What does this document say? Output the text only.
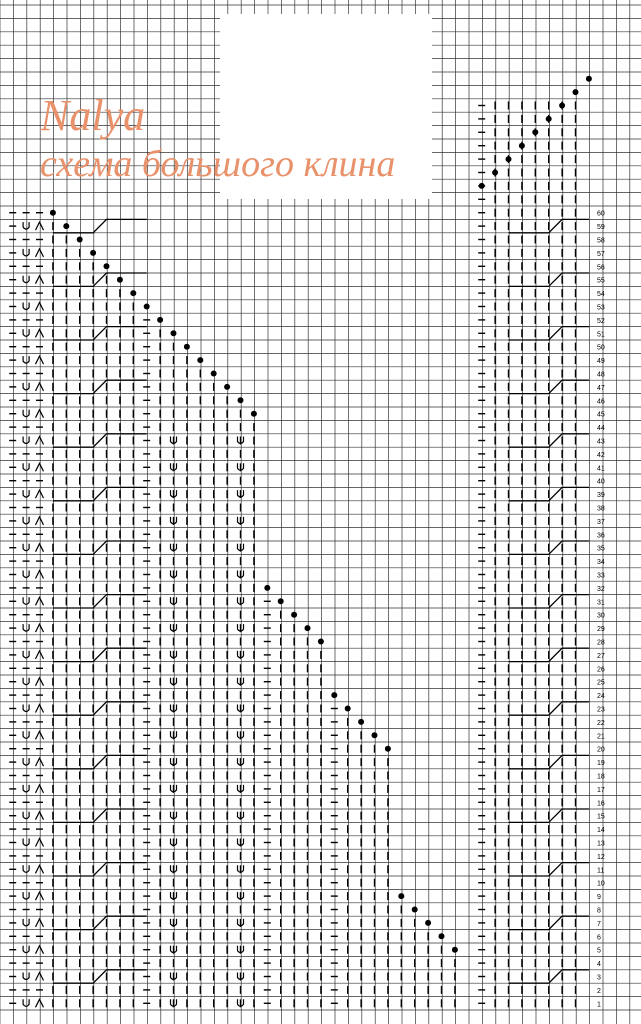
1
2
3
4
5
6
7
8
9
10
11
12
13
14
15
16
17
18
19
20
21
22
23
24
25
26
27
28
29
30
31
32
33
34
35
36
37
38
39
40
41
42
43
44
45
46
47
48
49
50
51
52
53
54
55
56
57
58
59
60
Nalya
схема большого клина
